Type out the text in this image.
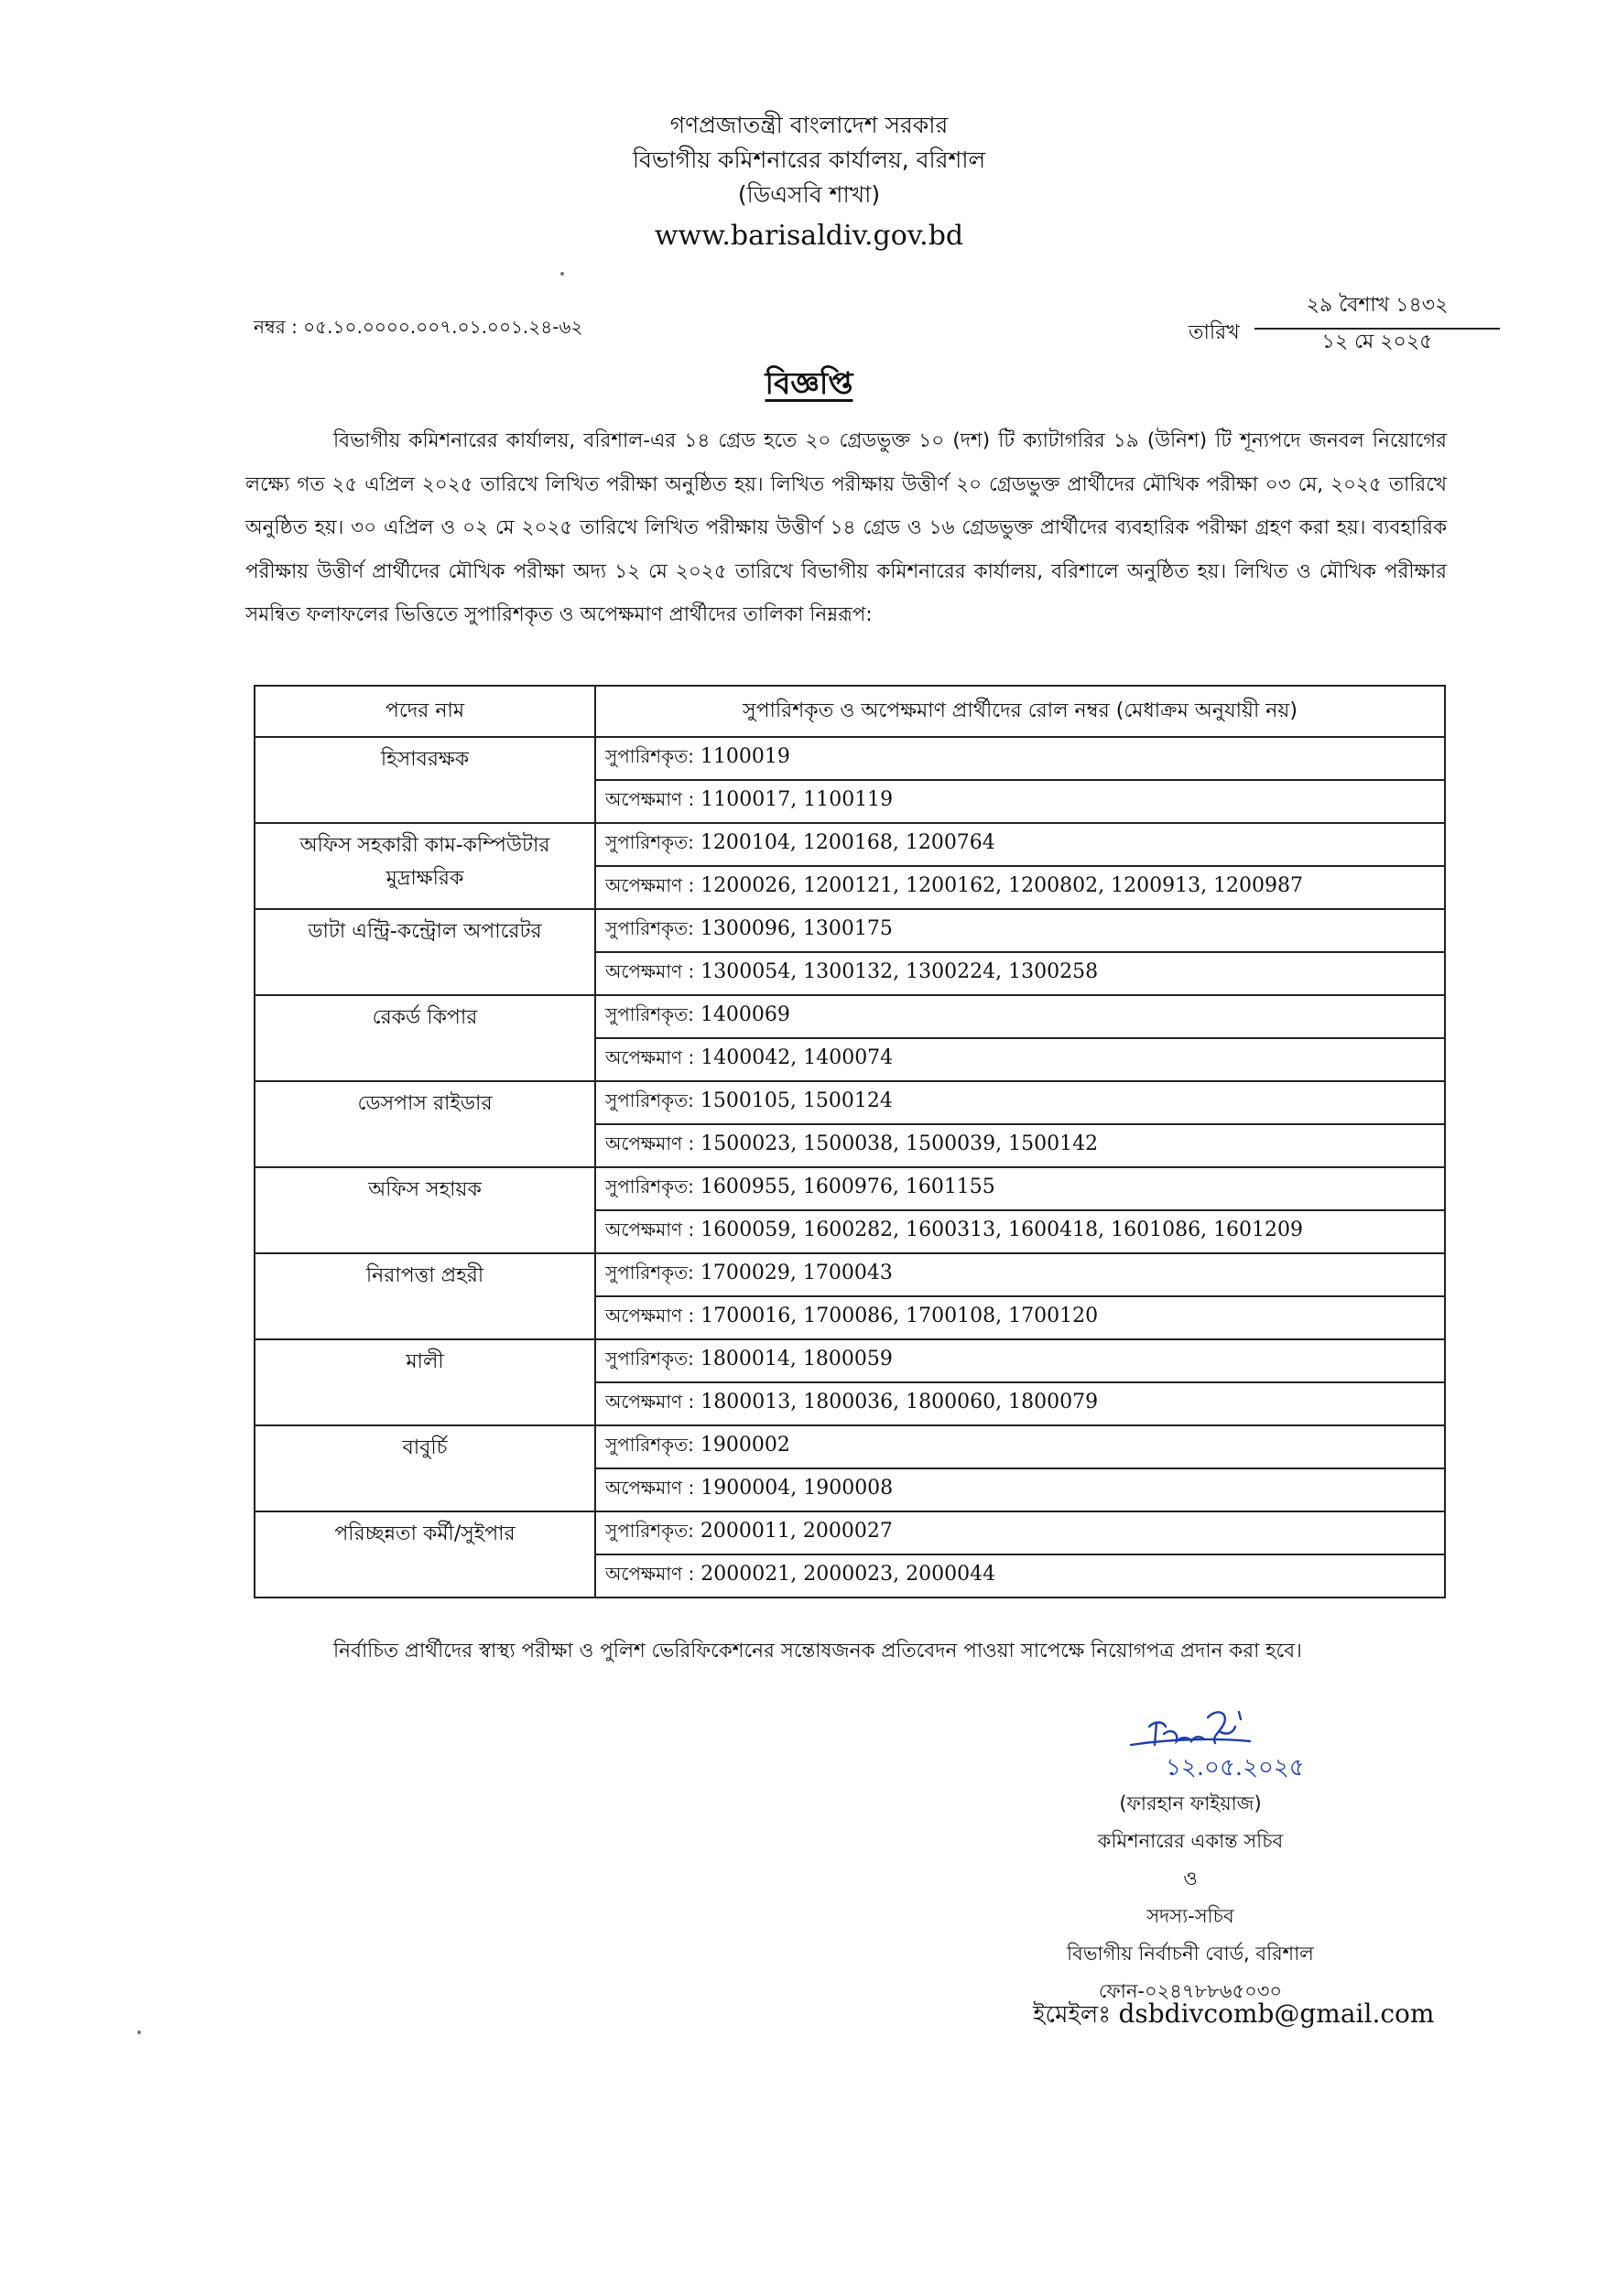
গণপ্রজাতন্ত্রী বাংলাদেশ সরকার
বিভাগীয় কমিশনারের কার্যালয়, বরিশাল
(ডিএসবি শাখা)
www.barisaldiv.gov.bd
নম্বর : ০৫.১০.০০০০.০০৭.০১.০০১.২৪-৬২	তারিখ
২৯ বৈশাখ ১৪৩২
১২ মে ২০২৫
বিজ্ঞপ্তি

বিভাগীয় কমিশনারের কার্যালয়, বরিশাল-এর ১৪ গ্রেড হতে ২০ গ্রেডভুক্ত ১০ (দশ) টি ক্যাটাগরির ১৯ (উনিশ) টি শূন্যপদে জনবল নিয়োগের লক্ষ্যে গত ২৫ এপ্রিল ২০২৫ তারিখে লিখিত পরীক্ষা অনুষ্ঠিত হয়। লিখিত পরীক্ষায় উত্তীর্ণ ২০ গ্রেডভুক্ত প্রার্থীদের মৌখিক পরীক্ষা ০৩ মে, ২০২৫ তারিখে অনুষ্ঠিত হয়। ৩০ এপ্রিল ও ০২ মে ২০২৫ তারিখে লিখিত পরীক্ষায় উত্তীর্ণ ১৪ গ্রেড ও ১৬ গ্রেডভুক্ত প্রার্থীদের ব্যবহারিক পরীক্ষা গ্রহণ করা হয়। ব্যবহারিক পরীক্ষায় উত্তীর্ণ প্রার্থীদের মৌখিক পরীক্ষা অদ্য ১২ মে ২০২৫ তারিখে বিভাগীয় কমিশনারের কার্যালয়, বরিশালে অনুষ্ঠিত হয়। লিখিত ও মৌখিক পরীক্ষার সমন্বিত ফলাফলের ভিত্তিতে সুপারিশকৃত ও অপেক্ষমাণ প্রার্থীদের তালিকা নিম্নরূপ:

পদের নাম	সুপারিশকৃত ও অপেক্ষমাণ প্রার্থীদের রোল নম্বর (মেধাক্রম অনুযায়ী নয়)
হিসাবরক্ষক	সুপারিশকৃত: 1100019
	অপেক্ষমাণ : 1100017, 1100119
অফিস সহকারী কাম-কম্পিউটার মুদ্রাক্ষরিক	সুপারিশকৃত: 1200104, 1200168, 1200764
	অপেক্ষমাণ : 1200026, 1200121, 1200162, 1200802, 1200913, 1200987
ডাটা এন্ট্রি-কন্ট্রোল অপারেটর	সুপারিশকৃত: 1300096, 1300175
	অপেক্ষমাণ : 1300054, 1300132, 1300224, 1300258
রেকর্ড কিপার	সুপারিশকৃত: 1400069
	অপেক্ষমাণ : 1400042, 1400074
ডেসপাস রাইডার	সুপারিশকৃত: 1500105, 1500124
	অপেক্ষমাণ : 1500023, 1500038, 1500039, 1500142
অফিস সহায়ক	সুপারিশকৃত: 1600955, 1600976, 1601155
	অপেক্ষমাণ : 1600059, 1600282, 1600313, 1600418, 1601086, 1601209
নিরাপত্তা প্রহরী	সুপারিশকৃত: 1700029, 1700043
	অপেক্ষমাণ : 1700016, 1700086, 1700108, 1700120
মালী	সুপারিশকৃত: 1800014, 1800059
	অপেক্ষমাণ : 1800013, 1800036, 1800060, 1800079
বাবুর্চি	সুপারিশকৃত: 1900002
	অপেক্ষমাণ : 1900004, 1900008
পরিচ্ছন্নতা কর্মী/সুইপার	সুপারিশকৃত: 2000011, 2000027
	অপেক্ষমাণ : 2000021, 2000023, 2000044

নির্বাচিত প্রার্থীদের স্বাস্থ্য পরীক্ষা ও পুলিশ ভেরিফিকেশনের সন্তোষজনক প্রতিবেদন পাওয়া সাপেক্ষে নিয়োগপত্র প্রদান করা হবে।

১২.০৫.২০২৫
(ফারহান ফাইয়াজ)
কমিশনারের একান্ত সচিব
ও
সদস্য-সচিব
বিভাগীয় নির্বাচনী বোর্ড, বরিশাল
ফোন-০২৪৭৮৮৬৫০৩০
ইমেইলঃ dsbdivcomb@gmail.com
